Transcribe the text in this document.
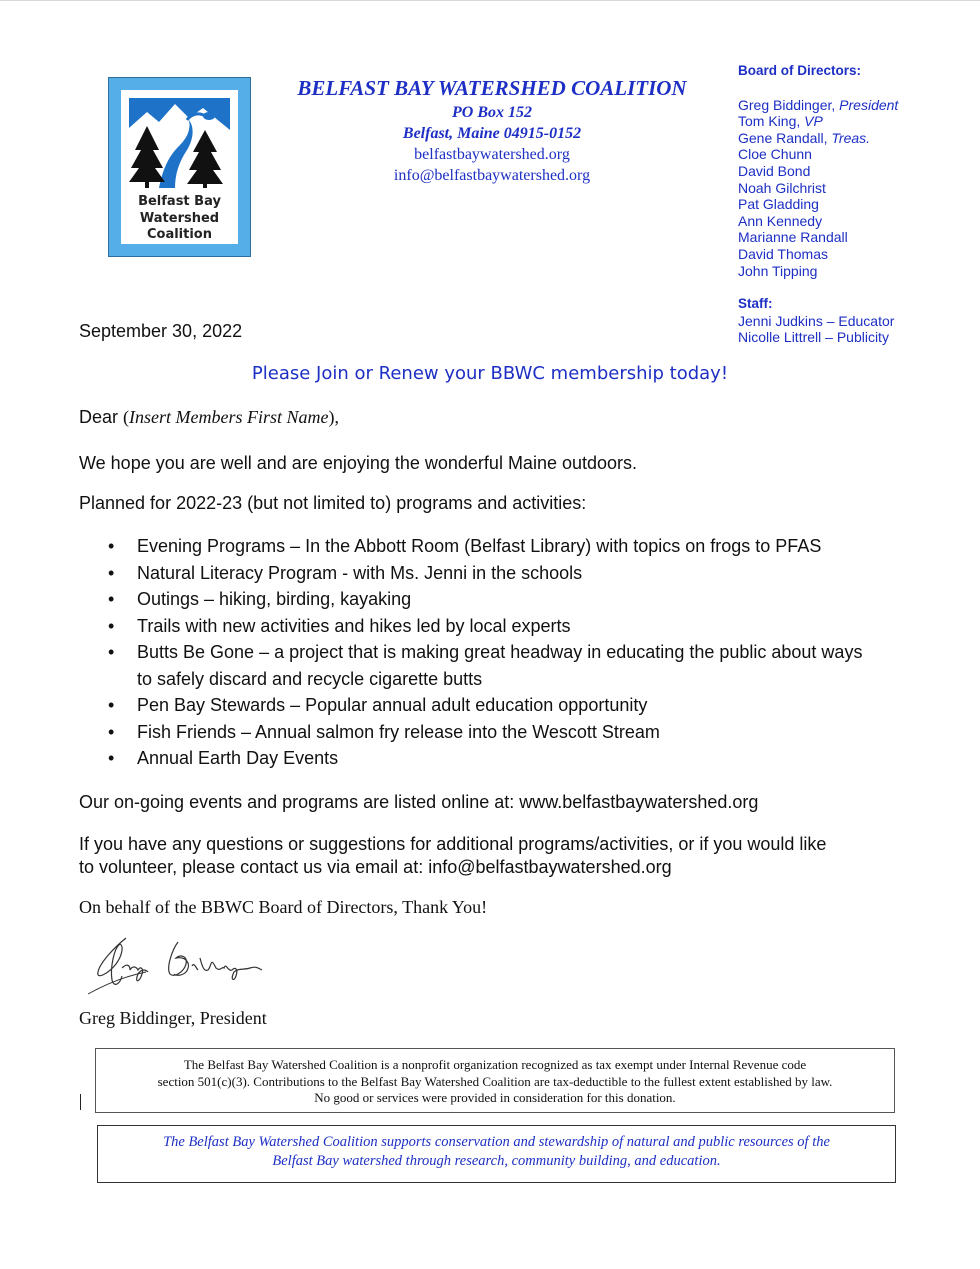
Belfast Bay
Watershed
Coalition
BELFAST BAY WATERSHED COALITION
PO Box 152
Belfast, Maine 04915-0152
belfastbaywatershed.org
info@belfastbaywatershed.org
Board of Directors:
Greg Biddinger, President
Tom King, VP
Gene Randall, Treas.
Cloe Chunn
David Bond
Noah Gilchrist
Pat Gladding
Ann Kennedy
Marianne Randall
David Thomas
John Tipping
Staff:
Jenni Judkins – Educator
Nicolle Littrell – Publicity
September 30, 2022
Please Join or Renew your BBWC membership today!
Dear (Insert Members First Name),
We hope you are well and are enjoying the wonderful Maine outdoors.
Planned for 2022-23 (but not limited to) programs and activities:
• Evening Programs – In the Abbott Room (Belfast Library) with topics on frogs to PFAS
• Natural Literacy Program - with Ms. Jenni in the schools
• Outings – hiking, birding, kayaking
• Trails with new activities and hikes led by local experts
• Butts Be Gone – a project that is making great headway in educating the public about ways to safely discard and recycle cigarette butts
• Pen Bay Stewards – Popular annual adult education opportunity
• Fish Friends – Annual salmon fry release into the Wescott Stream
• Annual Earth Day Events
Our on-going events and programs are listed online at: www.belfastbaywatershed.org
If you have any questions or suggestions for additional programs/activities, or if you would like
to volunteer, please contact us via email at: info@belfastbaywatershed.org
On behalf of the BBWC Board of Directors, Thank You!
Greg Biddinger, President
The Belfast Bay Watershed Coalition is a nonprofit organization recognized as tax exempt under Internal Revenue code
section 501(c)(3). Contributions to the Belfast Bay Watershed Coalition are tax-deductible to the fullest extent established by law.
No good or services were provided in consideration for this donation.
The Belfast Bay Watershed Coalition supports conservation and stewardship of natural and public resources of the
Belfast Bay watershed through research, community building, and education.
